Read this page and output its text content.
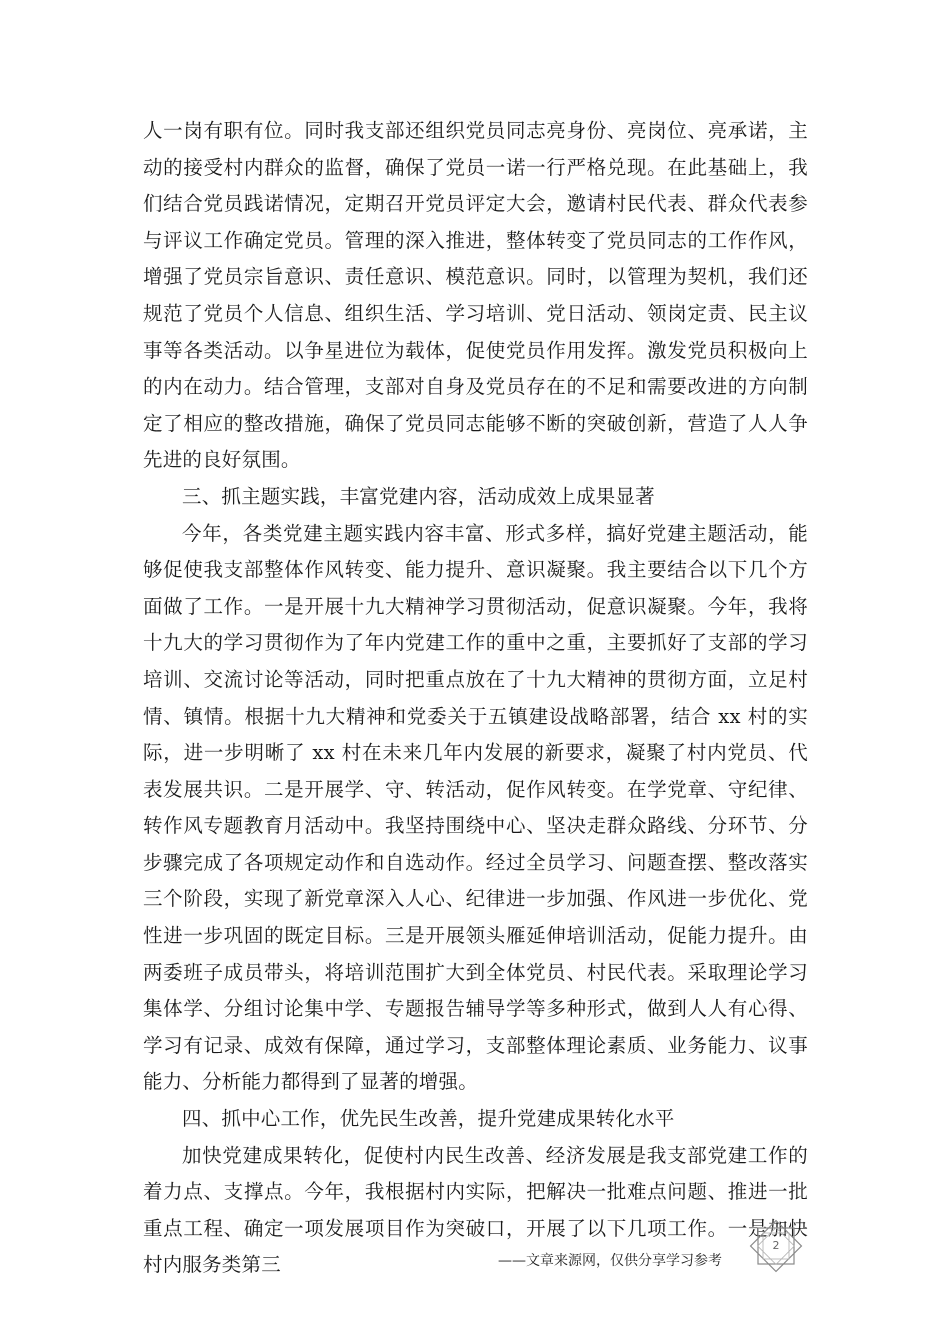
人一岗有职有位。同时我支部还组织党员同志亮身份、亮岗位、亮承诺，主动的接受村内群众的监督，确保了党员一诺一行严格兑现。在此基础上，我们结合党员践诺情况，定期召开党员评定大会，邀请村民代表、群众代表参与评议工作确定党员。管理的深入推进，整体转变了党员同志的工作作风，增强了党员宗旨意识、责任意识、模范意识。同时，以管理为契机，我们还规范了党员个人信息、组织生活、学习培训、党日活动、领岗定责、民主议事等各类活动。以争星进位为载体，促使党员作用发挥。激发党员积极向上的内在动力。结合管理，支部对自身及党员存在的不足和需要改进的方向制定了相应的整改措施，确保了党员同志能够不断的突破创新，营造了人人争先进的良好氛围。

三、抓主题实践，丰富党建内容，活动成效上成果显著

今年，各类党建主题实践内容丰富、形式多样，搞好党建主题活动，能够促使我支部整体作风转变、能力提升、意识凝聚。我主要结合以下几个方面做了工作。一是开展十九大精神学习贯彻活动，促意识凝聚。今年，我将十九大的学习贯彻作为了年内党建工作的重中之重，主要抓好了支部的学习培训、交流讨论等活动，同时把重点放在了十九大精神的贯彻方面，立足村情、镇情。根据十九大精神和党委关于五镇建设战略部署，结合 xx 村的实际，进一步明晰了 xx 村在未来几年内发展的新要求，凝聚了村内党员、代表发展共识。二是开展学、守、转活动，促作风转变。在学党章、守纪律、转作风专题教育月活动中。我坚持围绕中心、坚决走群众路线、分环节、分步骤完成了各项规定动作和自选动作。经过全员学习、问题查摆、整改落实三个阶段，实现了新党章深入人心、纪律进一步加强、作风进一步优化、党性进一步巩固的既定目标。三是开展领头雁延伸培训活动，促能力提升。由两委班子成员带头，将培训范围扩大到全体党员、村民代表。采取理论学习集体学、分组讨论集中学、专题报告辅导学等多种形式，做到人人有心得、学习有记录、成效有保障，通过学习，支部整体理论素质、业务能力、议事能力、分析能力都得到了显著的增强。

四、抓中心工作，优先民生改善，提升党建成果转化水平

加快党建成果转化，促使村内民生改善、经济发展是我支部党建工作的着力点、支撑点。今年，我根据村内实际，把解决一批难点问题、推进一批重点工程、确定一项发展项目作为突破口，开展了以下几项工作。一是加快村内服务类第三

2
——文章来源网，仅供分享学习参考
